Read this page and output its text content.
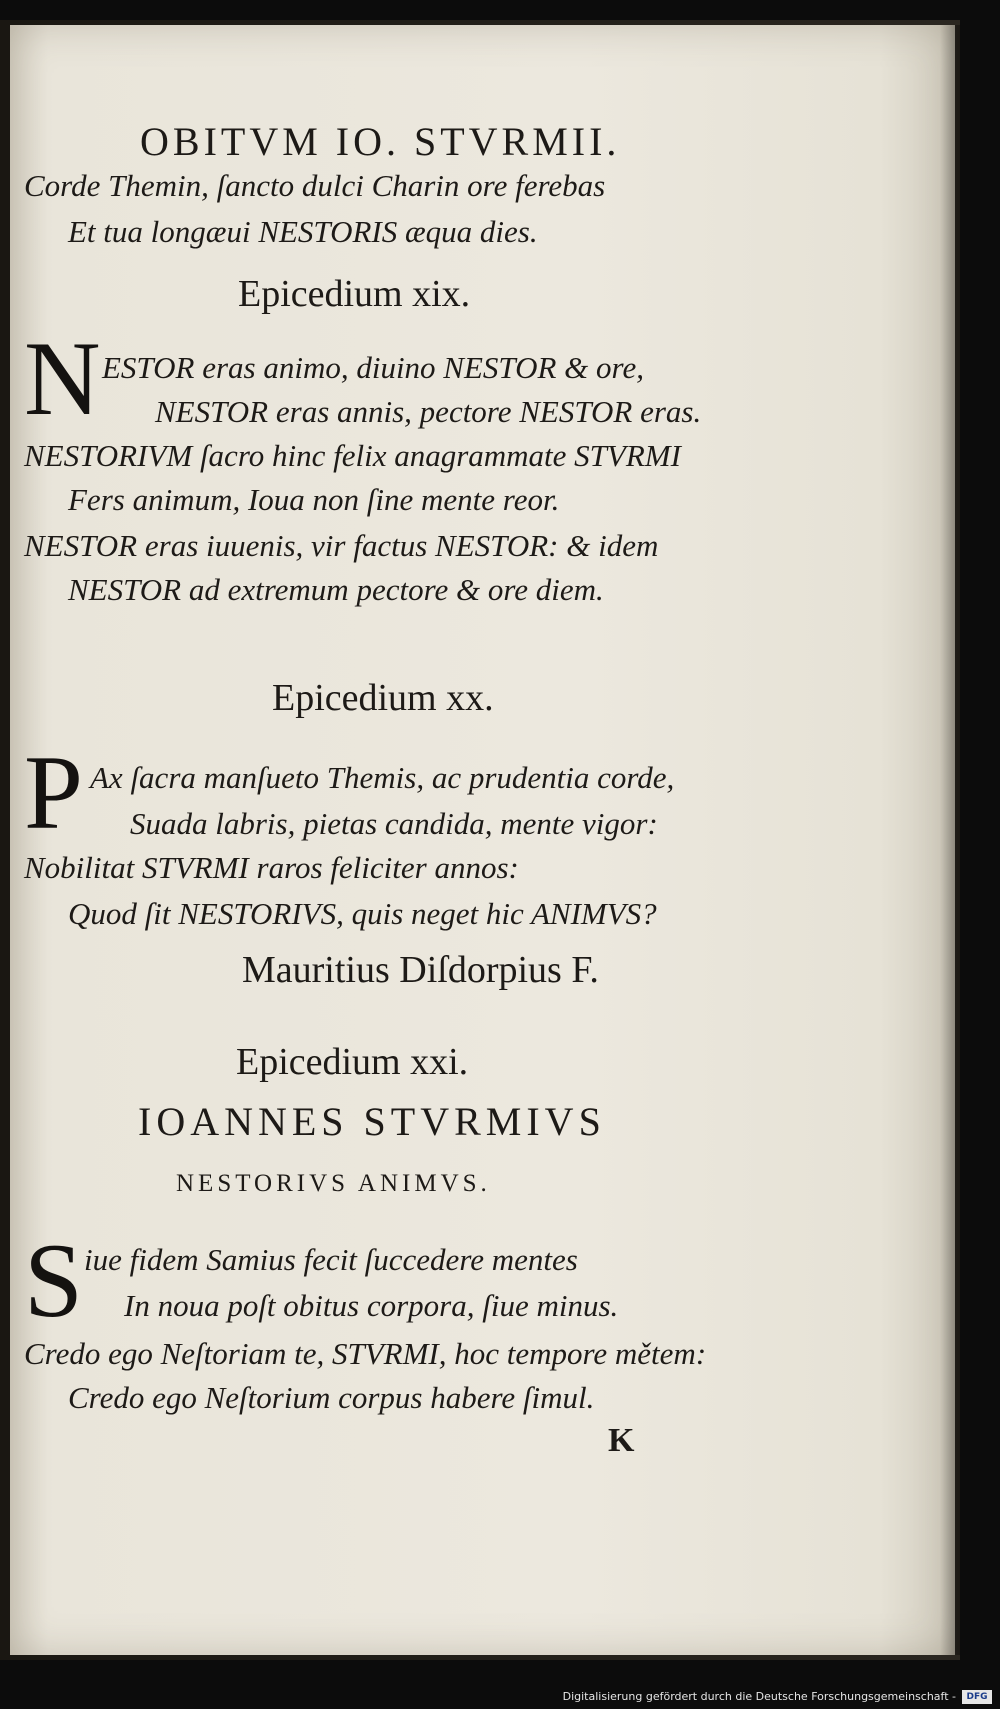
OBITVM IO. STVRMII.
Corde Themin, ſancto dulci Charin ore ferebas
Et tua longæui NESTORIS æqua dies.
Epicedium xix.
N ESTOR eras animo, diuino NESTOR & ore,
NESTOR eras annis, pectore NESTOR eras.
NESTORIVM ſacro hinc felix anagrammate STVRMI
Fers animum, Ioua non ſine mente reor.
NESTOR eras iuuenis, vir factus NESTOR: & idem
NESTOR ad extremum pectore & ore diem.
Epicedium xx.
P Ax ſacra manſueto Themis, ac prudentia corde,
Suada labris, pietas candida, mente vigor:
Nobilitat STVRMI raros feliciter annos:
Quod ſit NESTORIVS, quis neget hic ANIMVS?
Mauritius Diſdorpius F.
Epicedium xxi.
IOANNES STVRMIVS
NESTORIVS ANIMVS.
S iue fidem Samius fecit ſuccedere mentes
In noua poſt obitus corpora, ſiue minus.
Credo ego Neſtoriam te, STVRMI, hoc tempore mětem:
Credo ego Neſtorium corpus habere ſimul.
K
Digitalisierung gefördert durch die Deutsche Forschungsgemeinschaft -	DFG
